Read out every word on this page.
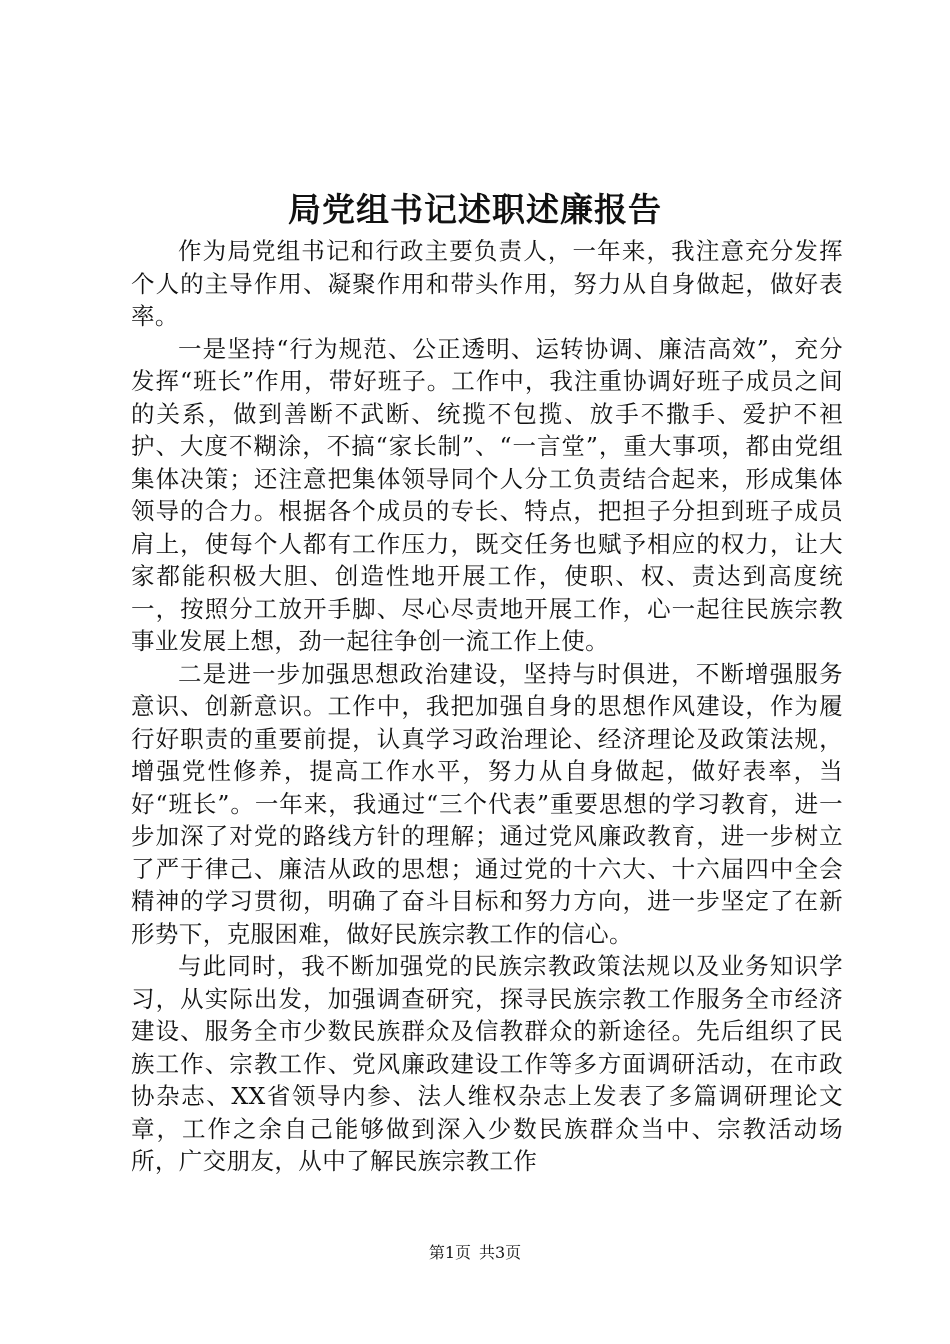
局党组书记述职述廉报告

作为局党组书记和行政主要负责人，一年来，我注意充分发挥个人的主导作用、凝聚作用和带头作用，努力从自身做起，做好表率。

一是坚持“行为规范、公正透明、运转协调、廉洁高效”，充分发挥“班长”作用，带好班子。工作中，我注重协调好班子成员之间的关系，做到善断不武断、统揽不包揽、放手不撒手、爱护不袒护、大度不糊涂，不搞“家长制”、“一言堂”，重大事项，都由党组集体决策；还注意把集体领导同个人分工负责结合起来，形成集体领导的合力。根据各个成员的专长、特点，把担子分担到班子成员肩上，使每个人都有工作压力，既交任务也赋予相应的权力，让大家都能积极大胆、创造性地开展工作，使职、权、责达到高度统一，按照分工放开手脚、尽心尽责地开展工作，心一起往民族宗教事业发展上想，劲一起往争创一流工作上使。

二是进一步加强思想政治建设，坚持与时俱进，不断增强服务意识、创新意识。工作中，我把加强自身的思想作风建设，作为履行好职责的重要前提，认真学习政治理论、经济理论及政策法规，增强党性修养，提高工作水平，努力从自身做起，做好表率，当好“班长”。一年来，我通过“三个代表”重要思想的学习教育，进一步加深了对党的路线方针的理解；通过党风廉政教育，进一步树立了严于律己、廉洁从政的思想；通过党的十六大、十六届四中全会精神的学习贯彻，明确了奋斗目标和努力方向，进一步坚定了在新形势下，克服困难，做好民族宗教工作的信心。

与此同时，我不断加强党的民族宗教政策法规以及业务知识学习，从实际出发，加强调查研究，探寻民族宗教工作服务全市经济建设、服务全市少数民族群众及信教群众的新途径。先后组织了民族工作、宗教工作、党风廉政建设工作等多方面调研活动，在市政协杂志、XX省领导内参、法人维权杂志上发表了多篇调研理论文章，工作之余自己能够做到深入少数民族群众当中、宗教活动场所，广交朋友，从中了解民族宗教工作

第1页 共3页
